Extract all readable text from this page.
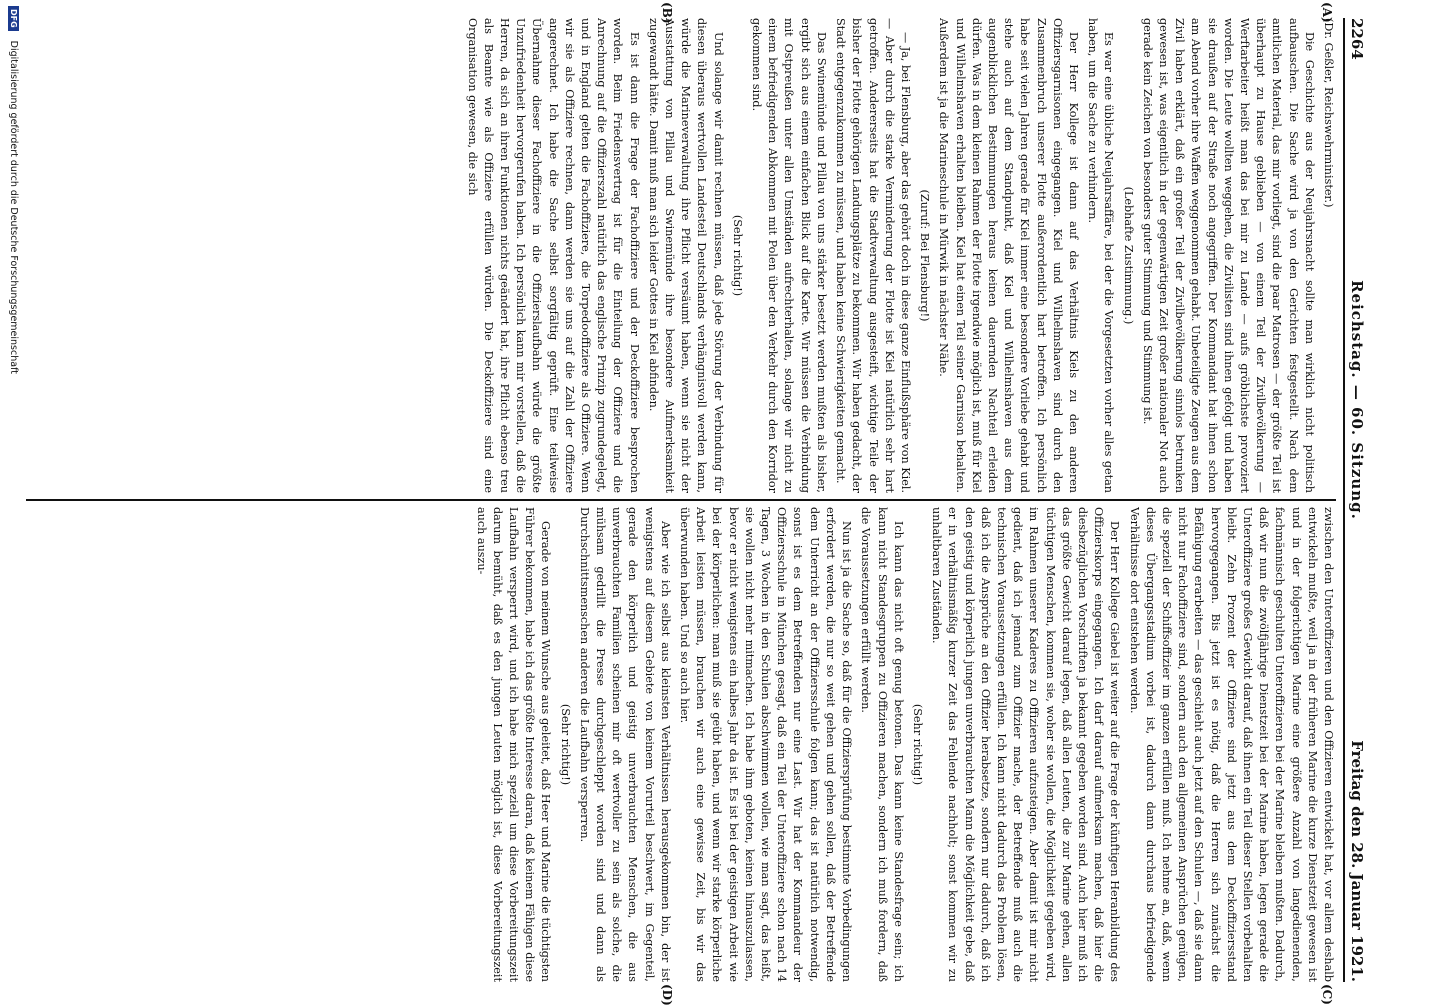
2264
Reichstag. — 60. Sitzung.
Freitag den 28. Januar 1921.
(A)
(B)
(C)
(D)

(Dr. Geßler, Reichswehrminister.)

Die Geschichte aus der Neujahrsnacht sollte man wirklich nicht politisch aufbauschen. Die Sache wird ja von den Gerichten festgestellt. Nach dem amtlichen Material, das mir vorliegt, sind die paar Matrosen — der größte Teil ist überhaupt zu Hause geblieben — von einem Teil der Zivilbevölkerung — Werftarbeiter heißt man das bei mir zu Lande — aufs gröblichste provoziert worden. Die Leute wollten weggehen, die Zivilisten sind ihnen gefolgt und haben sie draußen auf der Straße noch angegriffen. Der Kommandant hat ihnen schon am Abend vorher ihre Waffen weggenommen gehabt. Unbeteiligte Zeugen aus dem Zivil haben erklärt, daß ein großer Teil der Zivilbevölkerung sinnlos betrunken gewesen ist, was eigentlich in der gegenwärtigen Zeit großer nationaler Not auch gerade kein Zeichen von besonders guter Stimmung und Stimmung ist.

(Lebhafte Zustimmung.)

Es war eine übliche Neujahrsaffäre, bei der die Vorgesetzten vorher alles getan haben, um die Sache zu verhindern.

Der Herr Kollege ist dann auf das Verhältnis Kiels zu den anderen Offiziersgarnisonen eingegangen. Kiel und Wilhelmshaven sind durch den Zusammenbruch unserer Flotte außerordentlich hart betroffen. Ich persönlich habe seit vielen Jahren gerade für Kiel immer eine besondere Vorliebe gehabt und stehe auch auf dem Standpunkt, daß Kiel und Wilhelmshaven aus dem augenblicklichen Bestimmungen heraus keinen dauernden Nachteil erleiden dürfen. Was in dem kleinen Rahmen der Flotte irgendwie möglich ist, muß für Kiel und Wilhelmshaven erhalten bleiben. Kiel hat einen Teil seiner Garnison behalten. Außerdem ist ja die Marineschule in Mürwik in nächster Nähe.

(Zuruf: Bei Flensburg!)

— Ja, bei Flensburg, aber das gehört doch in diese ganze Einflußsphäre von Kiel. — Aber durch die starke Verminderung der Flotte ist Kiel natürlich sehr hart getroffen. Andererseits hat die Stadtverwaltung ausgesteift, wichtige Teile der bisher der Flotte gehörigen Landungsplätze zu bekommen. Wir haben gedacht, der Stadt entgegenzukommen zu müssen, und haben keine Schwierigkeiten gemacht.

Das Swinemünde und Pillau von uns stärker besetzt werden mußten als bisher, ergibt sich aus einem einfachen Blick auf die Karte. Wir müssen die Verbindung mit Ostpreußen unter allen Umständen aufrechterhalten, solange wir nicht zu einem befriedigenden Abkommen mit Polen über den Verkehr durch den Korridor gekommen sind.

(Sehr richtig!)

Und solange wir damit rechnen müssen, daß jede Störung der Verbindung für diesen überaus wertvollen Landesteil Deutschlands verhängnisvoll werden kann, würde die Marineverwaltung ihre Pflicht versäumt haben, wenn sie nicht der Ausstattung von Pillau und Swinemünde ihre besondere Aufmerksamkeit zugewandt hätte. Damit muß man sich leider Gottes in Kiel abfinden.

Es ist dann die Frage der Fachoffiziere und der Deckoffiziere besprochen worden. Beim Friedensvertrag ist für die Einteilung der Offiziere und die Anrechnung auf die Offizierszahl natürlich das englische Prinzip zugrundegelegt, und in England gelten die Fachoffiziere, die Torpedooffiziere als Offiziere. Wenn wir sie als Offiziere rechnen, dann werden sie uns auf die Zahl der Offiziere angerechnet. Ich habe die Sache selbst sorgfältig geprüft. Eine teilweise Übernahme dieser Fachoffiziere in die Offizierslaufbahn würde die größte Unzufriedenheit hervorgerufen haben. Ich persönlich kann mir vorstellen, daß die Herren, da sich an ihren Funktionen nichts geändert hat, ihre Pflicht ebenso treu als Beamte wie als Offiziere erfüllen würden. Die Deckoffiziere sind eine Organisation gewesen, die sich

zwischen den Unteroffizieren und den Offizieren entwickelt hat, vor allem deshalb entwickeln mußte, weil ja in der früheren Marine die kurze Dienstzeit gewesen ist und in der folgerichtigen Marine eine größere Anzahl von langedienenden, fachmännisch geschulten Unteroffizieren bei der Marine bleiben mußten. Dadurch, daß wir nun die zwölfjährige Dienstzeit bei der Marine haben, legen gerade die Unteroffiziere großes Gewicht darauf, daß ihnen ein Teil dieser Stellen vorbehalten bleibt. Zehn Prozent der Offiziere sind jetzt aus dem Deckoffiziersstand hervorgegangen. Bis jetzt ist es nötig, daß die Herren sich zunächst die Befähigung erarbeiten — das geschieht auch jetzt auf den Schulen —, daß sie dann nicht nur Fachoffiziere sind, sondern auch den allgemeinen Ansprüchen genügen, die speziell der Schiffsoffizier im ganzen erfüllen muß. Ich nehme an, daß, wenn dieses Übergangsstadium vorbei ist, dadurch dann durchaus befriedigende Verhältnisse dort entstehen werden.

Der Herr Kollege Giebel ist weiter auf die Frage der künftigen Heranbildung des Offizierskorps eingegangen. Ich darf darauf aufmerksam machen, daß hier die diesbezüglichen Vorschriften ja bekannt gegeben worden sind. Auch hier muß ich das größte Gewicht darauf legen, daß allen Leuten, die zur Marine gehen, allen tüchtigen Menschen, kommen sie, woher sie wollen, die Möglichkeit gegeben wird, im Rahmen unserer Kaderes zu Offizieren aufzusteigen. Aber damit ist mir nicht gedient, daß ich jemand zum Offizier mache, der Betreffende muß auch die technischen Voraussetzungen erfüllen. Ich kann nicht dadurch das Problem lösen, daß ich die Ansprüche an den Offizier herabsetze, sondern nur dadurch, daß ich den geistig und körperlich jungen unverbrauchten Mann die Möglichkeit gebe, daß er in verhältnismäßig kurzer Zeit das Fehlende nachholt; sonst kommen wir zu unhaltbaren Zuständen.

(Sehr richtig!)

Ich kann das nicht oft genug betonen. Das kann keine Standesfrage sein; ich kann nicht Standesgruppen zu Offizieren machen, sondern ich muß fordern, daß die Voraussetzungen erfüllt werden.

Nun ist ja die Sache so, daß für die Offiziersprüfung bestimmte Vorbedingungen erfordert werden, die nur so weit gehen und gehen sollen, daß der Betreffende dem Unterricht an der Offiziersschule folgen kann; das ist natürlich notwendig, sonst ist es dem Betreffenden nur eine Last. Wir hat der Kommandeur der Offiziersschule in München gesagt, daß ein Teil der Unteroffiziere schon nach 14 Tagen, 3 Wochen in den Schulen abschwimmen wollen, wie man sagt, das heißt, sie wollen nicht mehr mitmachen. Ich habe ihm geboten, keinen hinauszulassen, bevor er nicht wenigstens ein halbes Jahr da ist. Es ist bei der geistigen Arbeit wie bei der körperlichen: man muß sie geübt haben, und wenn wir starke körperliche Arbeit leisten müssen, brauchen wir auch eine gewisse Zeit, bis wir das überwunden haben. Und so auch hier.

Aber wie ich selbst aus kleinsten Verhältnissen herausgekommen bin, der ist wenigstens auf diesem Gebiete von keinem Vorurteil beschwert, im Gegenteil, gerade den körperlich und geistig unverbrauchten Menschen, die aus unverbrauchten Familien scheinen mir oft wertvoller zu sein als solche, die mühsam gedrillt die Presse durchgeschleppt worden sind und dann als Durchschnittsmenschen anderen die Laufbahn versperren.

(Sehr richtig!)

Gerade von meinem Wunsche aus geleitet, daß Heer und Marine die tüchtigsten Führer bekommen, habe ich das größte Interesse daran, daß keinem Fähigen diese Laufbahn versperrt wird, und ich habe mich speziell um diese Vorbereitungszeit darum bemüht, daß es den jungen Leuten möglich ist, diese Vorbereitungszeit auch auszu-

DFG
Digitalisierung gefördert durch die Deutsche Forschungsgemeinschaft
